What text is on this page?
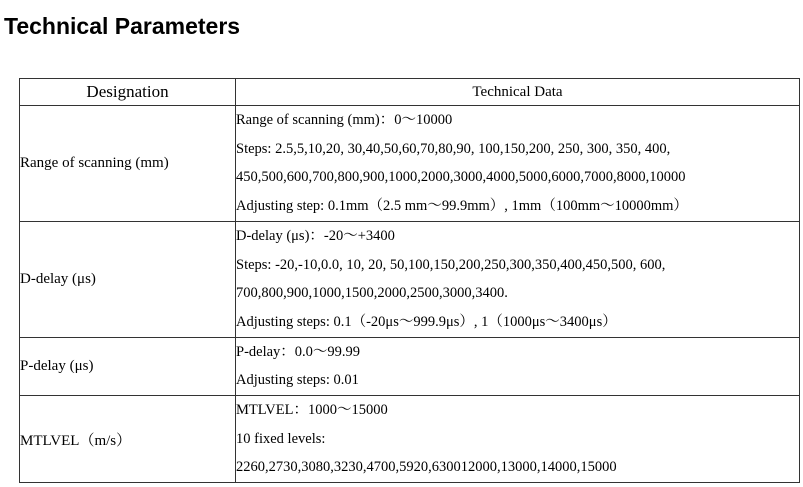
Technical Parameters
Designation	Technical Data
Range of scanning (mm)	Range of scanning (mm)：0～10000
Steps: 2.5,5,10,20, 30,40,50,60,70,80,90, 100,150,200, 250, 300, 350, 400,
450,500,600,700,800,900,1000,2000,3000,4000,5000,6000,7000,8000,10000
Adjusting step: 0.1mm（2.5 mm～99.9mm）, 1mm（100mm～10000mm）

D-delay (μs)	D-delay (μs)：-20～+3400
Steps: -20,-10,0.0, 10, 20, 50,100,150,200,250,300,350,400,450,500, 600,
700,800,900,1000,1500,2000,2500,3000,3400.
Adjusting steps: 0.1（-20μs～999.9μs）, 1（1000μs～3400μs）

P-delay (μs)	P-delay：0.0～99.99
Adjusting steps: 0.01

MTLVEL（m/s）	MTLVEL：1000～15000
10 fixed levels:
2260,2730,3080,3230,4700,5920,630012000,13000,14000,15000
